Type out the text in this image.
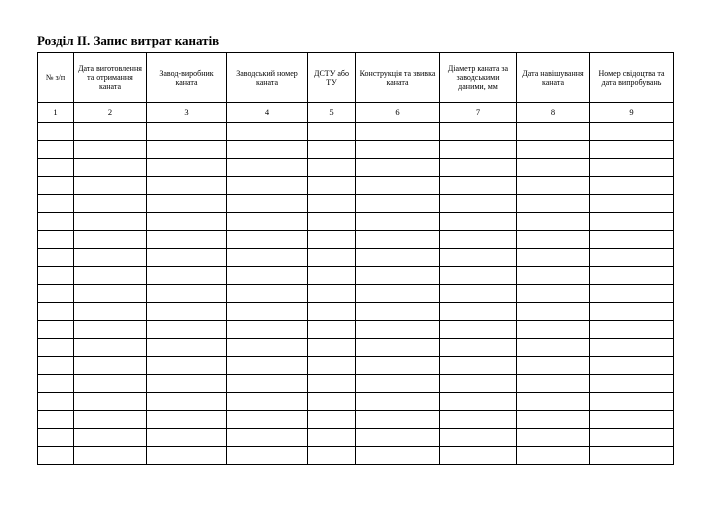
Розділ ІІ. Запис витрат канатів
№ з/п	Дата виготовлення та отримання каната	Завод-виробник каната	Заводський номер каната	ДСТУ або ТУ	Конструкція та звивка каната	Діаметр каната за заводськими даними, мм	Дата навішування каната	Номер свідоцтва та дата випробувань
1	2	3	4	5	6	7	8	9
